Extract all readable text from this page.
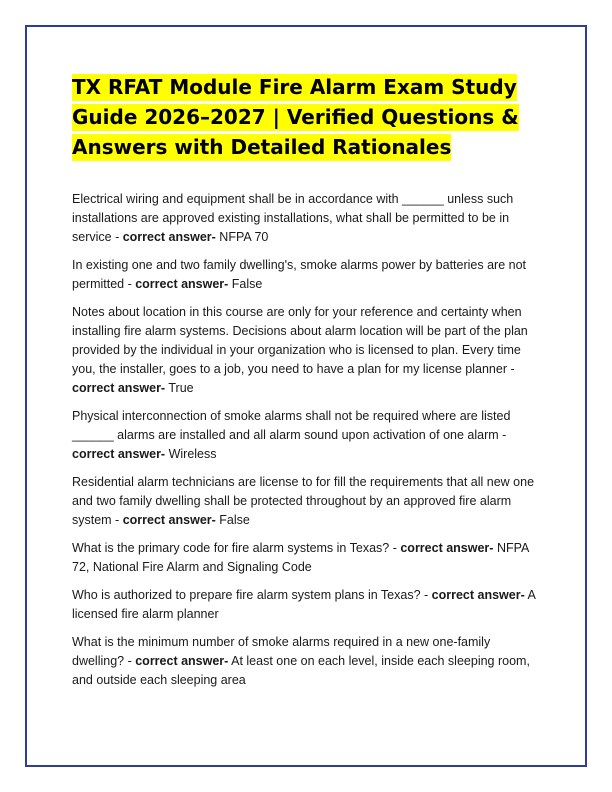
TX RFAT Module Fire Alarm Exam Study Guide 2026–2027 | Verified Questions & Answers with Detailed Rationales

Electrical wiring and equipment shall be in accordance with ______ unless such installations are approved existing installations, what shall be permitted to be in service - correct answer- NFPA 70

In existing one and two family dwelling's, smoke alarms power by batteries are not permitted - correct answer- False

Notes about location in this course are only for your reference and certainty when installing fire alarm systems. Decisions about alarm location will be part of the plan provided by the individual in your organization who is licensed to plan. Every time you, the installer, goes to a job, you need to have a plan for my license planner - correct answer- True

Physical interconnection of smoke alarms shall not be required where are listed ______ alarms are installed and all alarm sound upon activation of one alarm - correct answer- Wireless

Residential alarm technicians are license to for fill the requirements that all new one and two family dwelling shall be protected throughout by an approved fire alarm system - correct answer- False

What is the primary code for fire alarm systems in Texas? - correct answer- NFPA 72, National Fire Alarm and Signaling Code

Who is authorized to prepare fire alarm system plans in Texas? - correct answer- A licensed fire alarm planner

What is the minimum number of smoke alarms required in a new one-family dwelling? - correct answer- At least one on each level, inside each sleeping room, and outside each sleeping area
